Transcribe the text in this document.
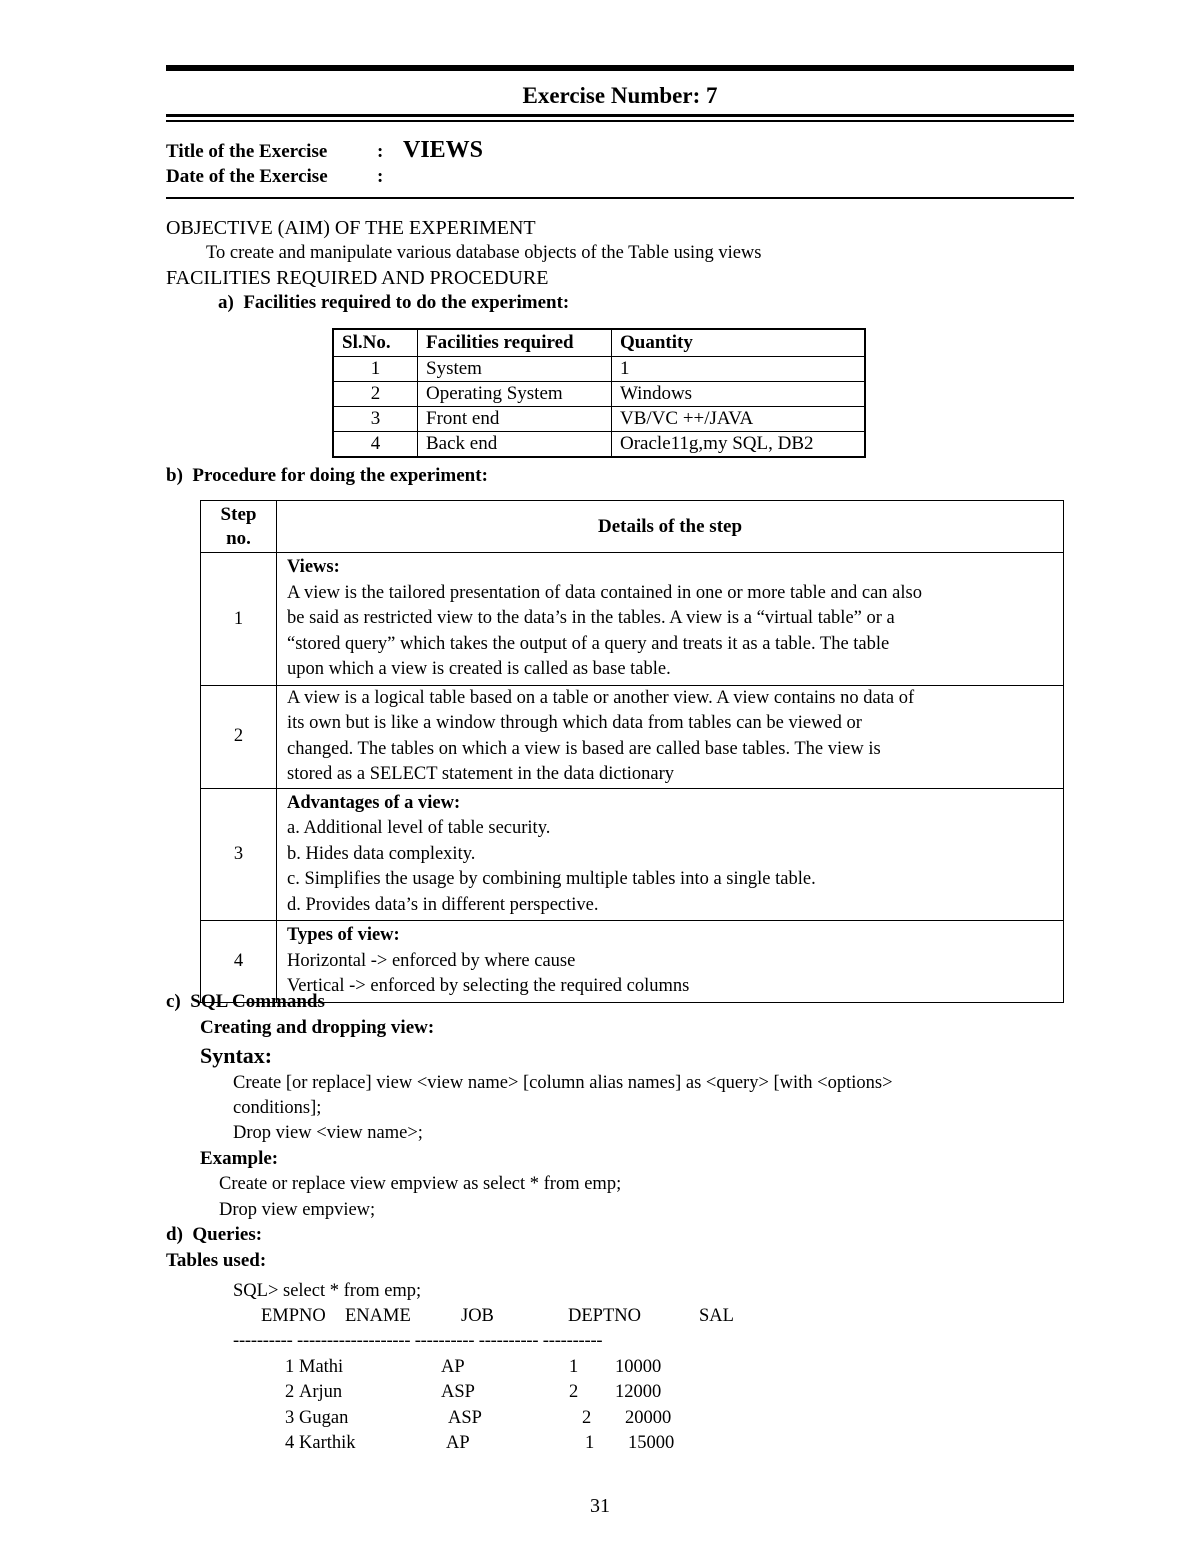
Exercise Number: 7
Title of the Exercise	: VIEWS
Date of the Exercise	:
OBJECTIVE (AIM) OF THE EXPERIMENT
To create and manipulate various database objects of the Table using views
FACILITIES REQUIRED AND PROCEDURE
a)  Facilities required to do the experiment:
Sl.No.	Facilities required	Quantity
1	System	1
2	Operating System	Windows
3	Front end	VB/VC ++/JAVA
4	Back end	Oracle11g,my SQL, DB2
b)  Procedure for doing the experiment:
Step
no.	Details of the step
1	Views:
A view is the tailored presentation of data contained in one or more table and can also
be said as restricted view to the data’s in the tables. A view is a “virtual table” or a
“stored query” which takes the output of a query and treats it as a table. The table
upon which a view is created is called as base table.

2	A view is a logical table based on a table or another view. A view contains no data of
its own but is like a window through which data from tables can be viewed or
changed. The tables on which a view is based are called base tables. The view is
stored as a SELECT statement in the data dictionary

3	Advantages of a view:
a. Additional level of table security.
b. Hides data complexity.
c. Simplifies the usage by combining multiple tables into a single table.
d. Provides data’s in different perspective.

4	Types of view:
Horizontal -> enforced by where cause
Vertical -> enforced by selecting the required columns
c)  SQL Commands
Creating and dropping view:
Syntax:
Create [or replace] view <view name> [column alias names] as <query> [with <options>
conditions];
Drop view <view name>;
Example:
Create or replace view empview as select * from emp;
Drop view empview;
d)  Queries:
Tables used:
SQL> select * from emp;
EMPNO ENAME	JOB	DEPTNO	SAL
---------- ------------------- ---------- ---------- ----------
1 Mathi	AP	1 10000
2 Arjun	ASP	2 12000
3 Gugan	ASP	2 20000
4 Karthik	AP	1 15000
31
